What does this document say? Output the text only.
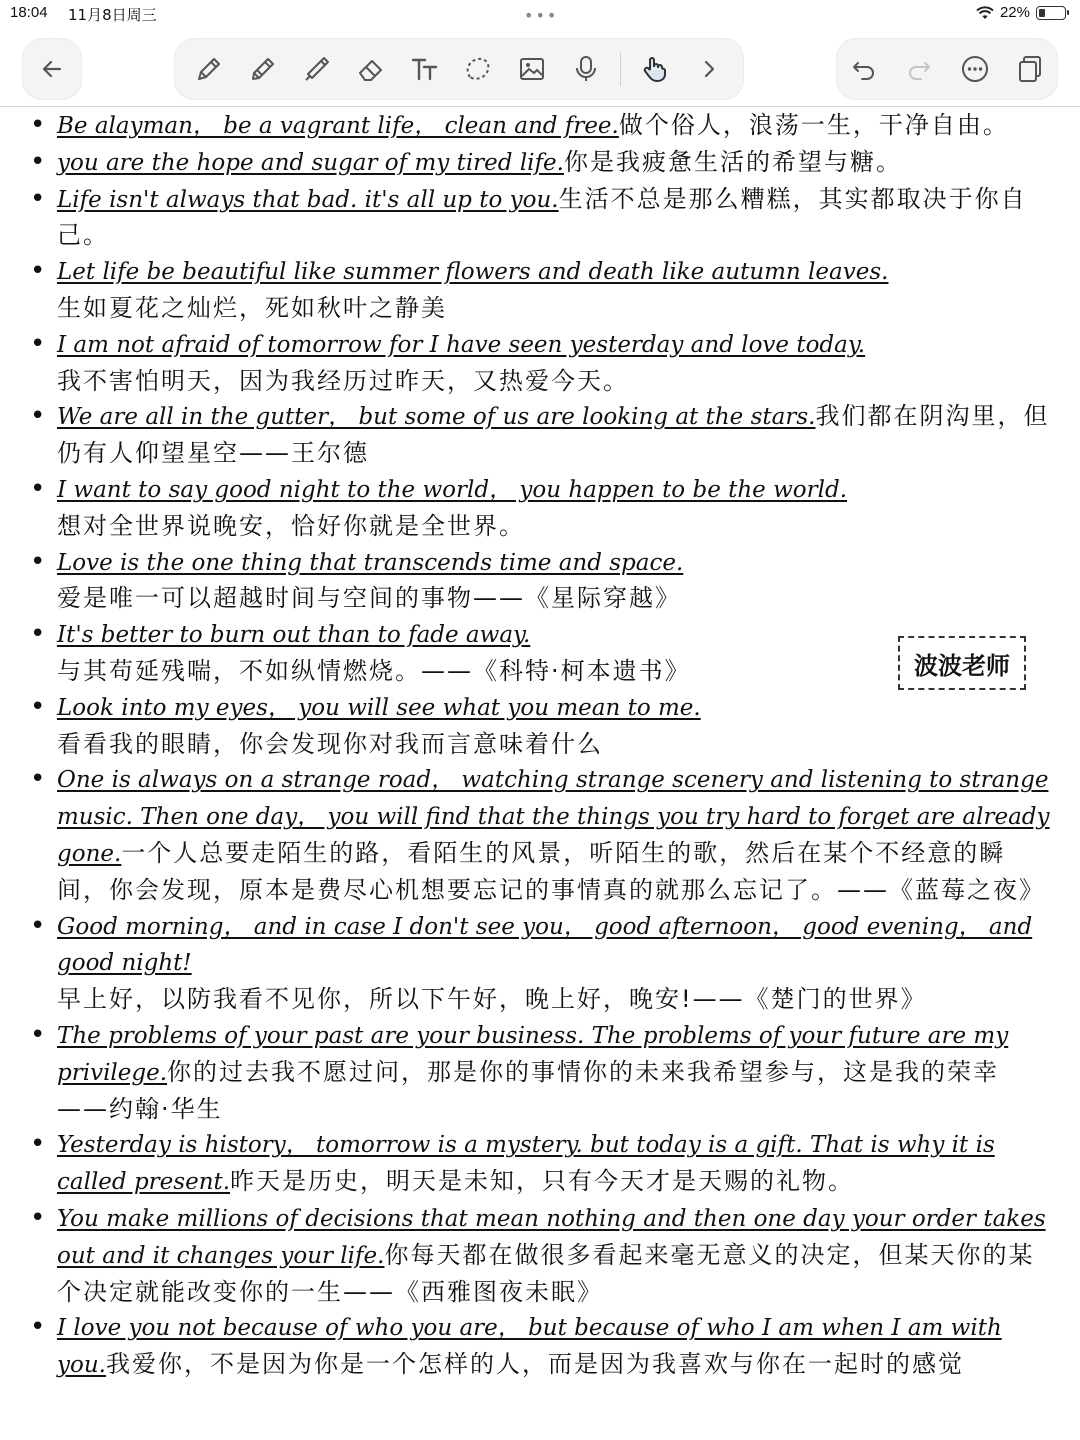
18:04 11月8日周三	•••	22%
• Be alayman， be a vagrant life， clean and free.做个俗人，浪荡一生，干净自由。
• you are the hope and sugar of my tired life.你是我疲惫生活的希望与糖。
• Life isn't always that bad. it's all up to you.生活不总是那么糟糕，其实都取决于你自己。
• Let life be beautiful like summer flowers and death like autumn leaves.
生如夏花之灿烂，死如秋叶之静美
• I am not afraid of tomorrow for I have seen yesterday and love today.
我不害怕明天，因为我经历过昨天，又热爱今天。
• We are all in the gutter， but some of us are looking at the stars.我们都在阴沟里，但仍有人仰望星空——王尔德
• I want to say good night to the world， you happen to be the world.
想对全世界说晚安，恰好你就是全世界。
• Love is the one thing that transcends time and space.
爱是唯一可以超越时间与空间的事物——《星际穿越》
• It's better to burn out than to fade away.
与其苟延残喘，不如纵情燃烧。——《科特·柯本遗书》
• Look into my eyes， you will see what you mean to me.
看看我的眼睛，你会发现你对我而言意味着什么
• One is always on a strange road， watching strange scenery and listening to strange music. Then one day， you will find that the things you try hard to forget are already gone.一个人总要走陌生的路，看陌生的风景，听陌生的歌，然后在某个不经意的瞬间，你会发现，原本是费尽心机想要忘记的事情真的就那么忘记了。——《蓝莓之夜》
• Good morning， and in case I don't see you， good afternoon， good evening， and good night!早上好，以防我看不见你，所以下午好，晚上好，晚安!——《楚门的世界》
• The problems of your past are your business. The problems of your future are my privilege.你的过去我不愿过问，那是你的事情你的未来我希望参与，这是我的荣幸——约翰·华生
• Yesterday is history， tomorrow is a mystery. but today is a gift. That is why it is called present.昨天是历史，明天是未知，只有今天才是天赐的礼物。
• You make millions of decisions that mean nothing and then one day your order takes out and it changes your life.你每天都在做很多看起来毫无意义的决定，但某天你的某个决定就能改变你的一生——《西雅图夜未眠》
• I love you not because of who you are， but because of who I am when I am with you.我爱你，不是因为你是一个怎样的人，而是因为我喜欢与你在一起时的感觉
波波老师
